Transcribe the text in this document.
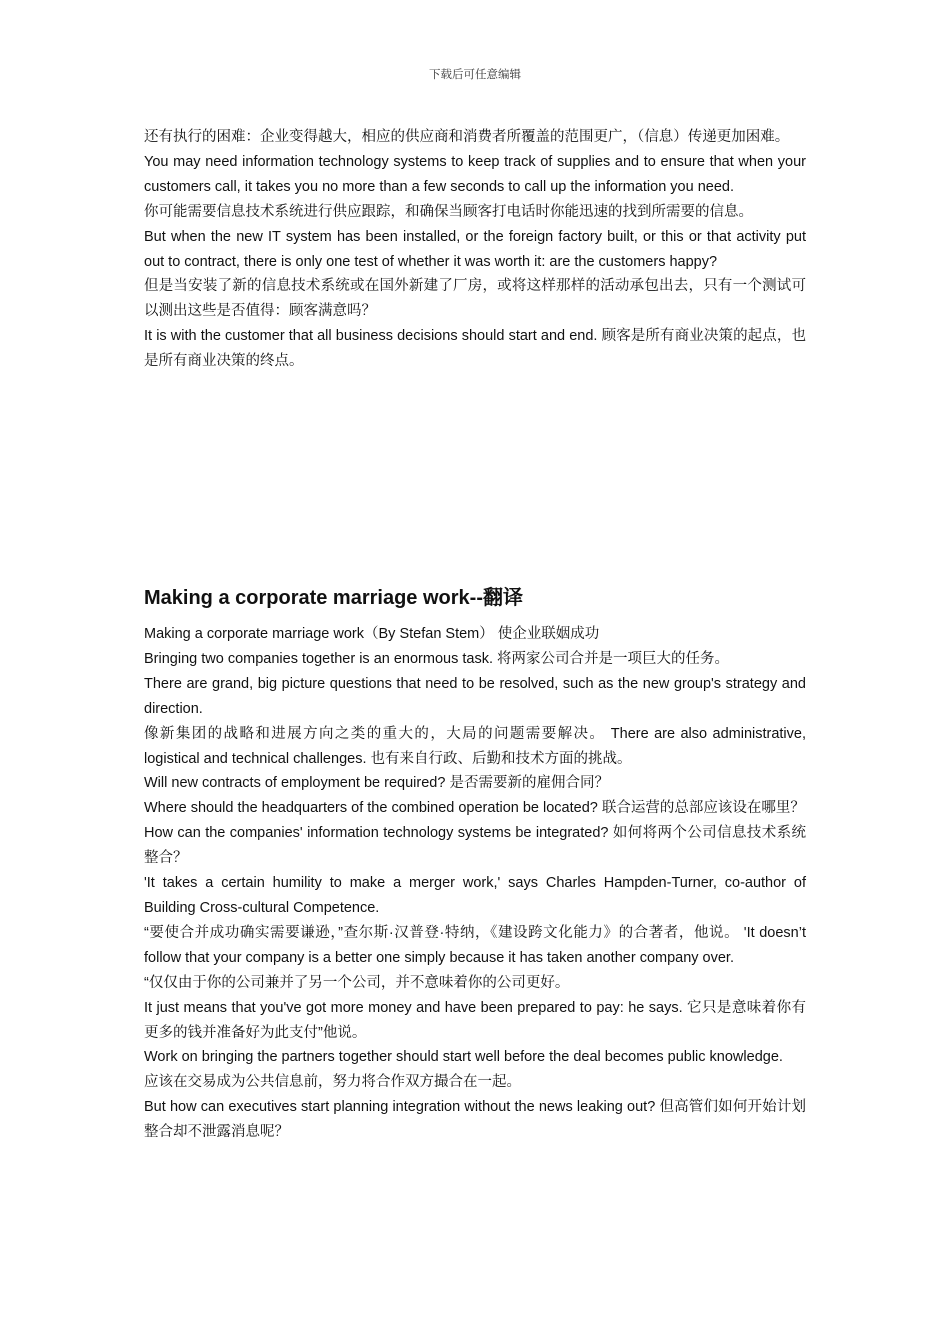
下载后可任意编辑

还有执行的困难：企业变得越大，相应的供应商和消费者所覆盖的范围更广，（信息）传递更加困难。

You may need information technology systems to keep track of supplies and to ensure that when your customers call, it takes you no more than a few seconds to call up the information you need.

你可能需要信息技术系统进行供应跟踪，和确保当顾客打电话时你能迅速的找到所需要的信息。

But when the new IT system has been installed, or the foreign factory built, or this or that activity put out to contract, there is only one test of whether it was worth it: are the customers happy?

但是当安装了新的信息技术系统或在国外新建了厂房，或将这样那样的活动承包出去，只有一个测试可以测出这些是否值得：顾客满意吗？

It is with the customer that all business decisions should start and end. 顾客是所有商业决策的起点，也是所有商业决策的终点。

Making a corporate marriage work--翻译

Making a corporate marriage work（By Stefan Stem） 使企业联姻成功

Bringing two companies together is an enormous task. 将两家公司合并是一项巨大的任务。

There are grand, big picture questions that need to be resolved, such as the new group's strategy and direction.

像新集团的战略和进展方向之类的重大的，大局的问题需要解决。 There are also administrative, logistical and technical challenges. 也有来自行政、后勤和技术方面的挑战。

Will new contracts of employment be required? 是否需要新的雇佣合同？

Where should the headquarters of the combined operation be located? 联合运营的总部应该设在哪里？

How can the companies' information technology systems be integrated? 如何将两个公司信息技术系统整合？

'It takes a certain humility to make a merger work,' says Charles Hampden-Turner, co-author of Building Cross-cultural Competence.

“要使合并成功确实需要谦逊，”查尔斯·汉普登·特纳，《建设跨文化能力》的合著者，他说。 'It doesn’t follow that your company is a better one simply because it has taken another company over.

“仅仅由于你的公司兼并了另一个公司，并不意味着你的公司更好。

It just means that you've got more money and have been prepared to pay: he says. 它只是意味着你有更多的钱并准备好为此支付”他说。

Work on bringing the partners together should start well before the deal becomes public knowledge.

应该在交易成为公共信息前，努力将合作双方撮合在一起。

But how can executives start planning integration without the news leaking out? 但高管们如何开始计划整合却不泄露消息呢？
